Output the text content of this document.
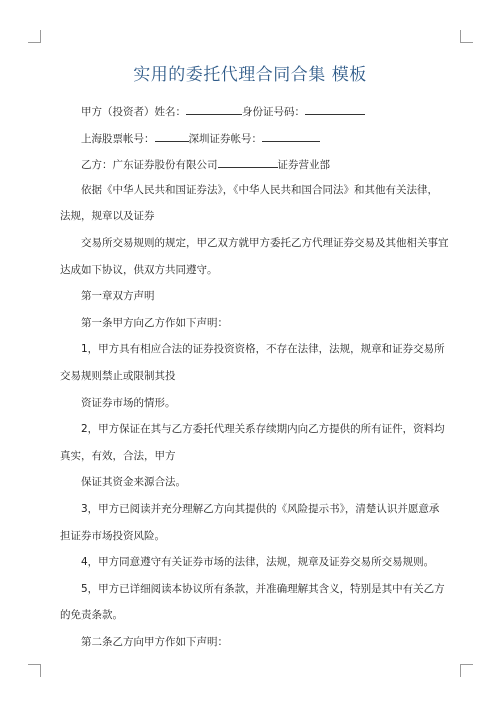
实用的委托代理合同合集 模板
甲方（投资者）姓名：	身份证号码：
上海股票帐号：	深圳证券帐号：
乙方：广东证券股份有限公司	证券营业部
依据《中华人民共和国证券法》，《中华人民共和国合同法》和其他有关法律，
法规，规章以及证券
交易所交易规则的规定，甲乙双方就甲方委托乙方代理证券交易及其他相关事宜
达成如下协议，供双方共同遵守。
第一章双方声明
第一条甲方向乙方作如下声明：
1，甲方具有相应合法的证券投资资格，不存在法律，法规，规章和证券交易所
交易规则禁止或限制其投
资证券市场的情形。
2，甲方保证在其与乙方委托代理关系存续期内向乙方提供的所有证件，资料均
真实，有效，合法，甲方
保证其资金来源合法。
3，甲方已阅读并充分理解乙方向其提供的《风险提示书》，清楚认识并愿意承
担证券市场投资风险。
4，甲方同意遵守有关证券市场的法律，法规，规章及证券交易所交易规则。
5，甲方已详细阅读本协议所有条款，并准确理解其含义，特别是其中有关乙方
的免责条款。
第二条乙方向甲方作如下声明：
